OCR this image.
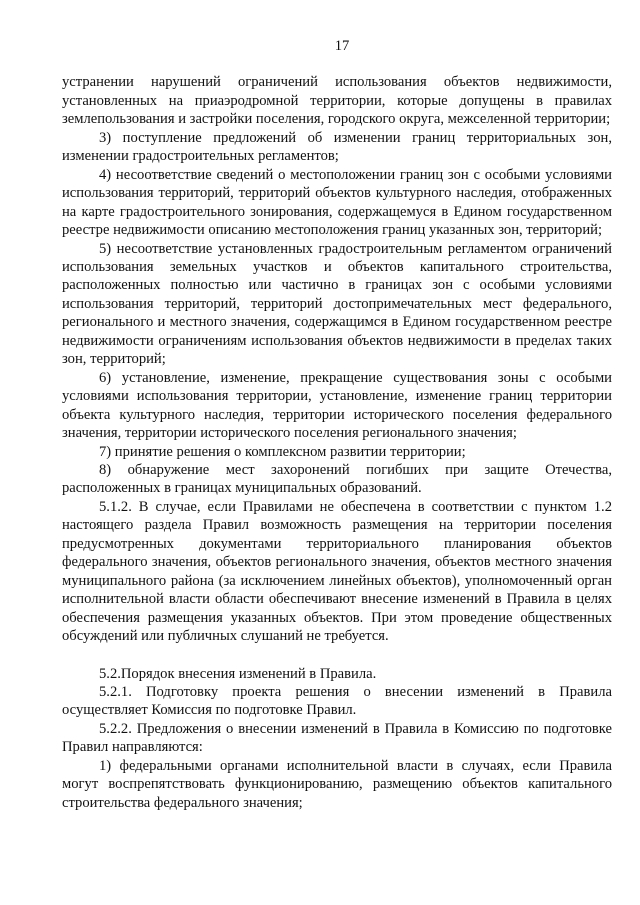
17

устранении нарушений ограничений использования объектов недвижимости, установленных на приаэродромной территории, которые допущены в правилах землепользования и застройки поселения, городского округа, межселенной территории;

3) поступление предложений об изменении границ территориальных зон, изменении градостроительных регламентов;

4) несоответствие сведений о местоположении границ зон с особыми условиями использования территорий, территорий объектов культурного наследия, отображенных на карте градостроительного зонирования, содержащемуся в Едином государственном реестре недвижимости описанию местоположения границ указанных зон, территорий;

5) несоответствие установленных градостроительным регламентом ограничений использования земельных участков и объектов капитального строительства, расположенных полностью или частично в границах зон с особыми условиями использования территорий, территорий достопримечательных мест федерального, регионального и местного значения, содержащимся в Едином государственном реестре недвижимости ограничениям использования объектов недвижимости в пределах таких зон, территорий;

6) установление, изменение, прекращение существования зоны с особыми условиями использования территории, установление, изменение границ территории объекта культурного наследия, территории исторического поселения федерального значения, территории исторического поселения регионального значения;

7) принятие решения о комплексном развитии территории;

8) обнаружение мест захоронений погибших при защите Отечества, расположенных в границах муниципальных образований.

5.1.2. В случае, если Правилами не обеспечена в соответствии с пунктом 1.2 настоящего раздела Правил возможность размещения на территории поселения предусмотренных документами территориального планирования объектов федерального значения, объектов регионального значения, объектов местного значения муниципального района (за исключением линейных объектов), уполномоченный орган исполнительной власти области обеспечивают внесение изменений в Правила в целях обеспечения размещения указанных объектов. При этом проведение общественных обсуждений или публичных слушаний не требуется.

5.2.Порядок внесения изменений в Правила.

5.2.1. Подготовку проекта решения о внесении изменений в Правила осуществляет Комиссия по подготовке Правил.

5.2.2. Предложения о внесении изменений в Правила в Комиссию по подготовке Правил направляются:

1) федеральными органами исполнительной власти в случаях, если Правила могут воспрепятствовать функционированию, размещению объектов капитального строительства федерального значения;
